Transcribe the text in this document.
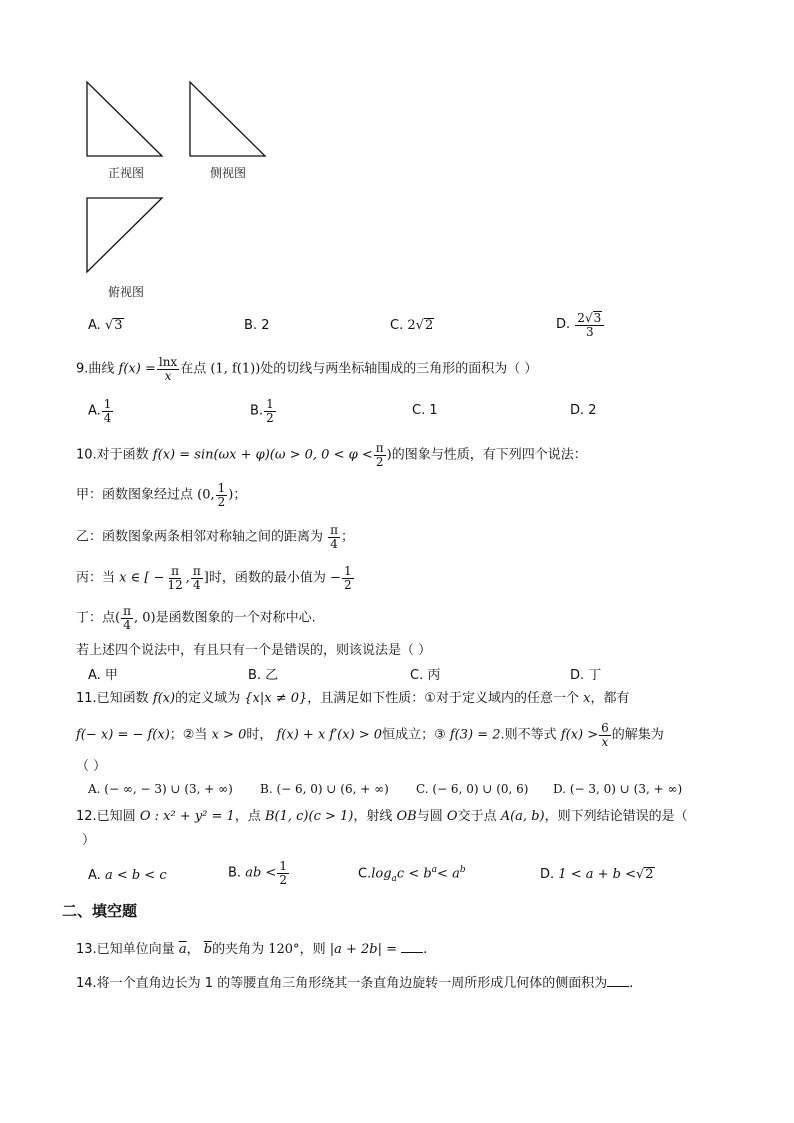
正视图	侧视图
俯视图
A. √ 3	B. 2	C. 2 √ 2	D. $\frac{2 √ 3}{3}$
9.曲线 $f(x) = \frac{\ln x}{x}$ 在点 (1, f(1))处的切线与两坐标轴围成的三角形的面积为（ ）
A. $\frac{1}{4}$	B. $\frac{1}{2}$	C. 1	D. 2
10.对于函数 f(x) = sin(ωx + φ)(ω > 0, $0 < \varphi < \frac{\pi}{2}$ )的图象与性质，有下列四个说法：
甲：函数图象经过点 (0, $\frac{1}{2}$ )；
乙：函数图象两条相邻对称轴之间的距离为 $\frac{\pi}{4}$ ；
丙：当 x ∈ [ − $\frac{\pi}{12}$ , $\frac{\pi}{4}$ ]时，函数的最小值为 − $\frac{1}{2}$
丁：点( $\frac{\pi}{4}$ , 0)是函数图象的一个对称中心.
若上述四个说法中，有且只有一个是错误的，则该说法是（ ）
A. 甲	B. 乙	C. 丙	D. 丁
11.已知函数 f(x)的定义域为 {x|x ≠ 0}，且满足如下性质：①对于定义域内的任意一个 x，都有
f(− x) = − f(x)；②当 x > 0时， f(x) + x f′(x) > 0恒成立；③ f(3) = 2.则不等式 $f(x) > \frac{6}{x}$ 的解集为
（ ）
A. (− ∞, − 3) ∪ (3, + ∞) B. (− 6, 0) ∪ (6, + ∞) C. (− 6, 0) ∪ (0, 6) D. (− 3, 0) ∪ (3, + ∞)
12.已知圆 O : x² + y² = 1，点 B(1, c)(c > 1)，射线 OB与圆 O交于点 A(a, b)，则下列结论错误的是（
）
A. a < b < c	B. ab < $\frac{1}{2}$	$C.\log_ac < b^a< a^b$	D. 1 < a + b < √ 2
二、填空题
13.已知单位向量 $\overline{a}$， $\overline{b}$的夹角为 120°，则 |a + 2b| = .
14.将一个直角边长为 1 的等腰直角三角形绕其一条直角边旋转一周所形成几何体的侧面积为 .
